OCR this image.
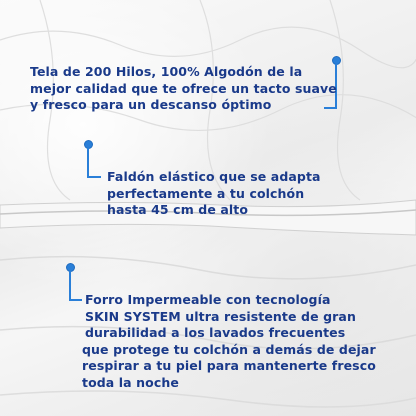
Tela de 200 Hilos, 100% Algodón de la
mejor calidad que te ofrece un tacto suave
y fresco para un descanso óptimo
Faldón elástico que se adapta
perfectamente a tu colchón
hasta 45 cm de alto
Forro Impermeable con tecnología
SKIN SYSTEM ultra resistente de gran
durabilidad a los lavados frecuentes
que protege tu colchón a demás de dejar
respirar a tu piel para mantenerte fresco
toda la noche
